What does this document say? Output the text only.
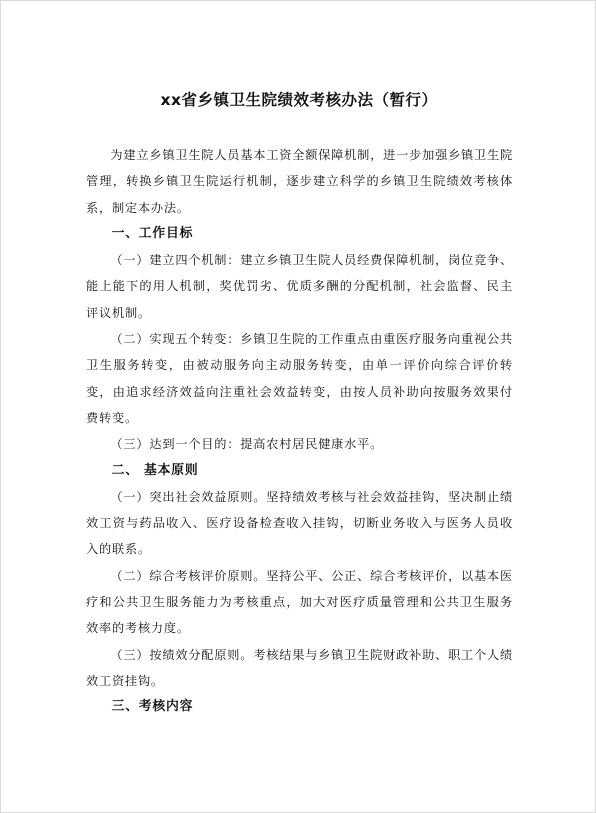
xx省乡镇卫生院绩效考核办法（暂行）

为建立乡镇卫生院人员基本工资全额保障机制，进一步加强乡镇卫生院管理，转换乡镇卫生院运行机制，逐步建立科学的乡镇卫生院绩效考核体系，制定本办法。

一、工作目标

（一）建立四个机制：建立乡镇卫生院人员经费保障机制，岗位竞争、能上能下的用人机制，奖优罚劣、优质多酬的分配机制，社会监督、民主评议机制。

（二）实现五个转变：乡镇卫生院的工作重点由重医疗服务向重视公共卫生服务转变，由被动服务向主动服务转变，由单一评价向综合评价转变，由追求经济效益向注重社会效益转变，由按人员补助向按服务效果付费转变。

（三）达到一个目的：提高农村居民健康水平。

二、 基本原则

（一）突出社会效益原则。坚持绩效考核与社会效益挂钩，坚决制止绩效工资与药品收入、医疗设备检查收入挂钩，切断业务收入与医务人员收入的联系。

（二）综合考核评价原则。坚持公平、公正、综合考核评价，以基本医疗和公共卫生服务能力为考核重点，加大对医疗质量管理和公共卫生服务效率的考核力度。

（三）按绩效分配原则。考核结果与乡镇卫生院财政补助、职工个人绩效工资挂钩。

三、考核内容
